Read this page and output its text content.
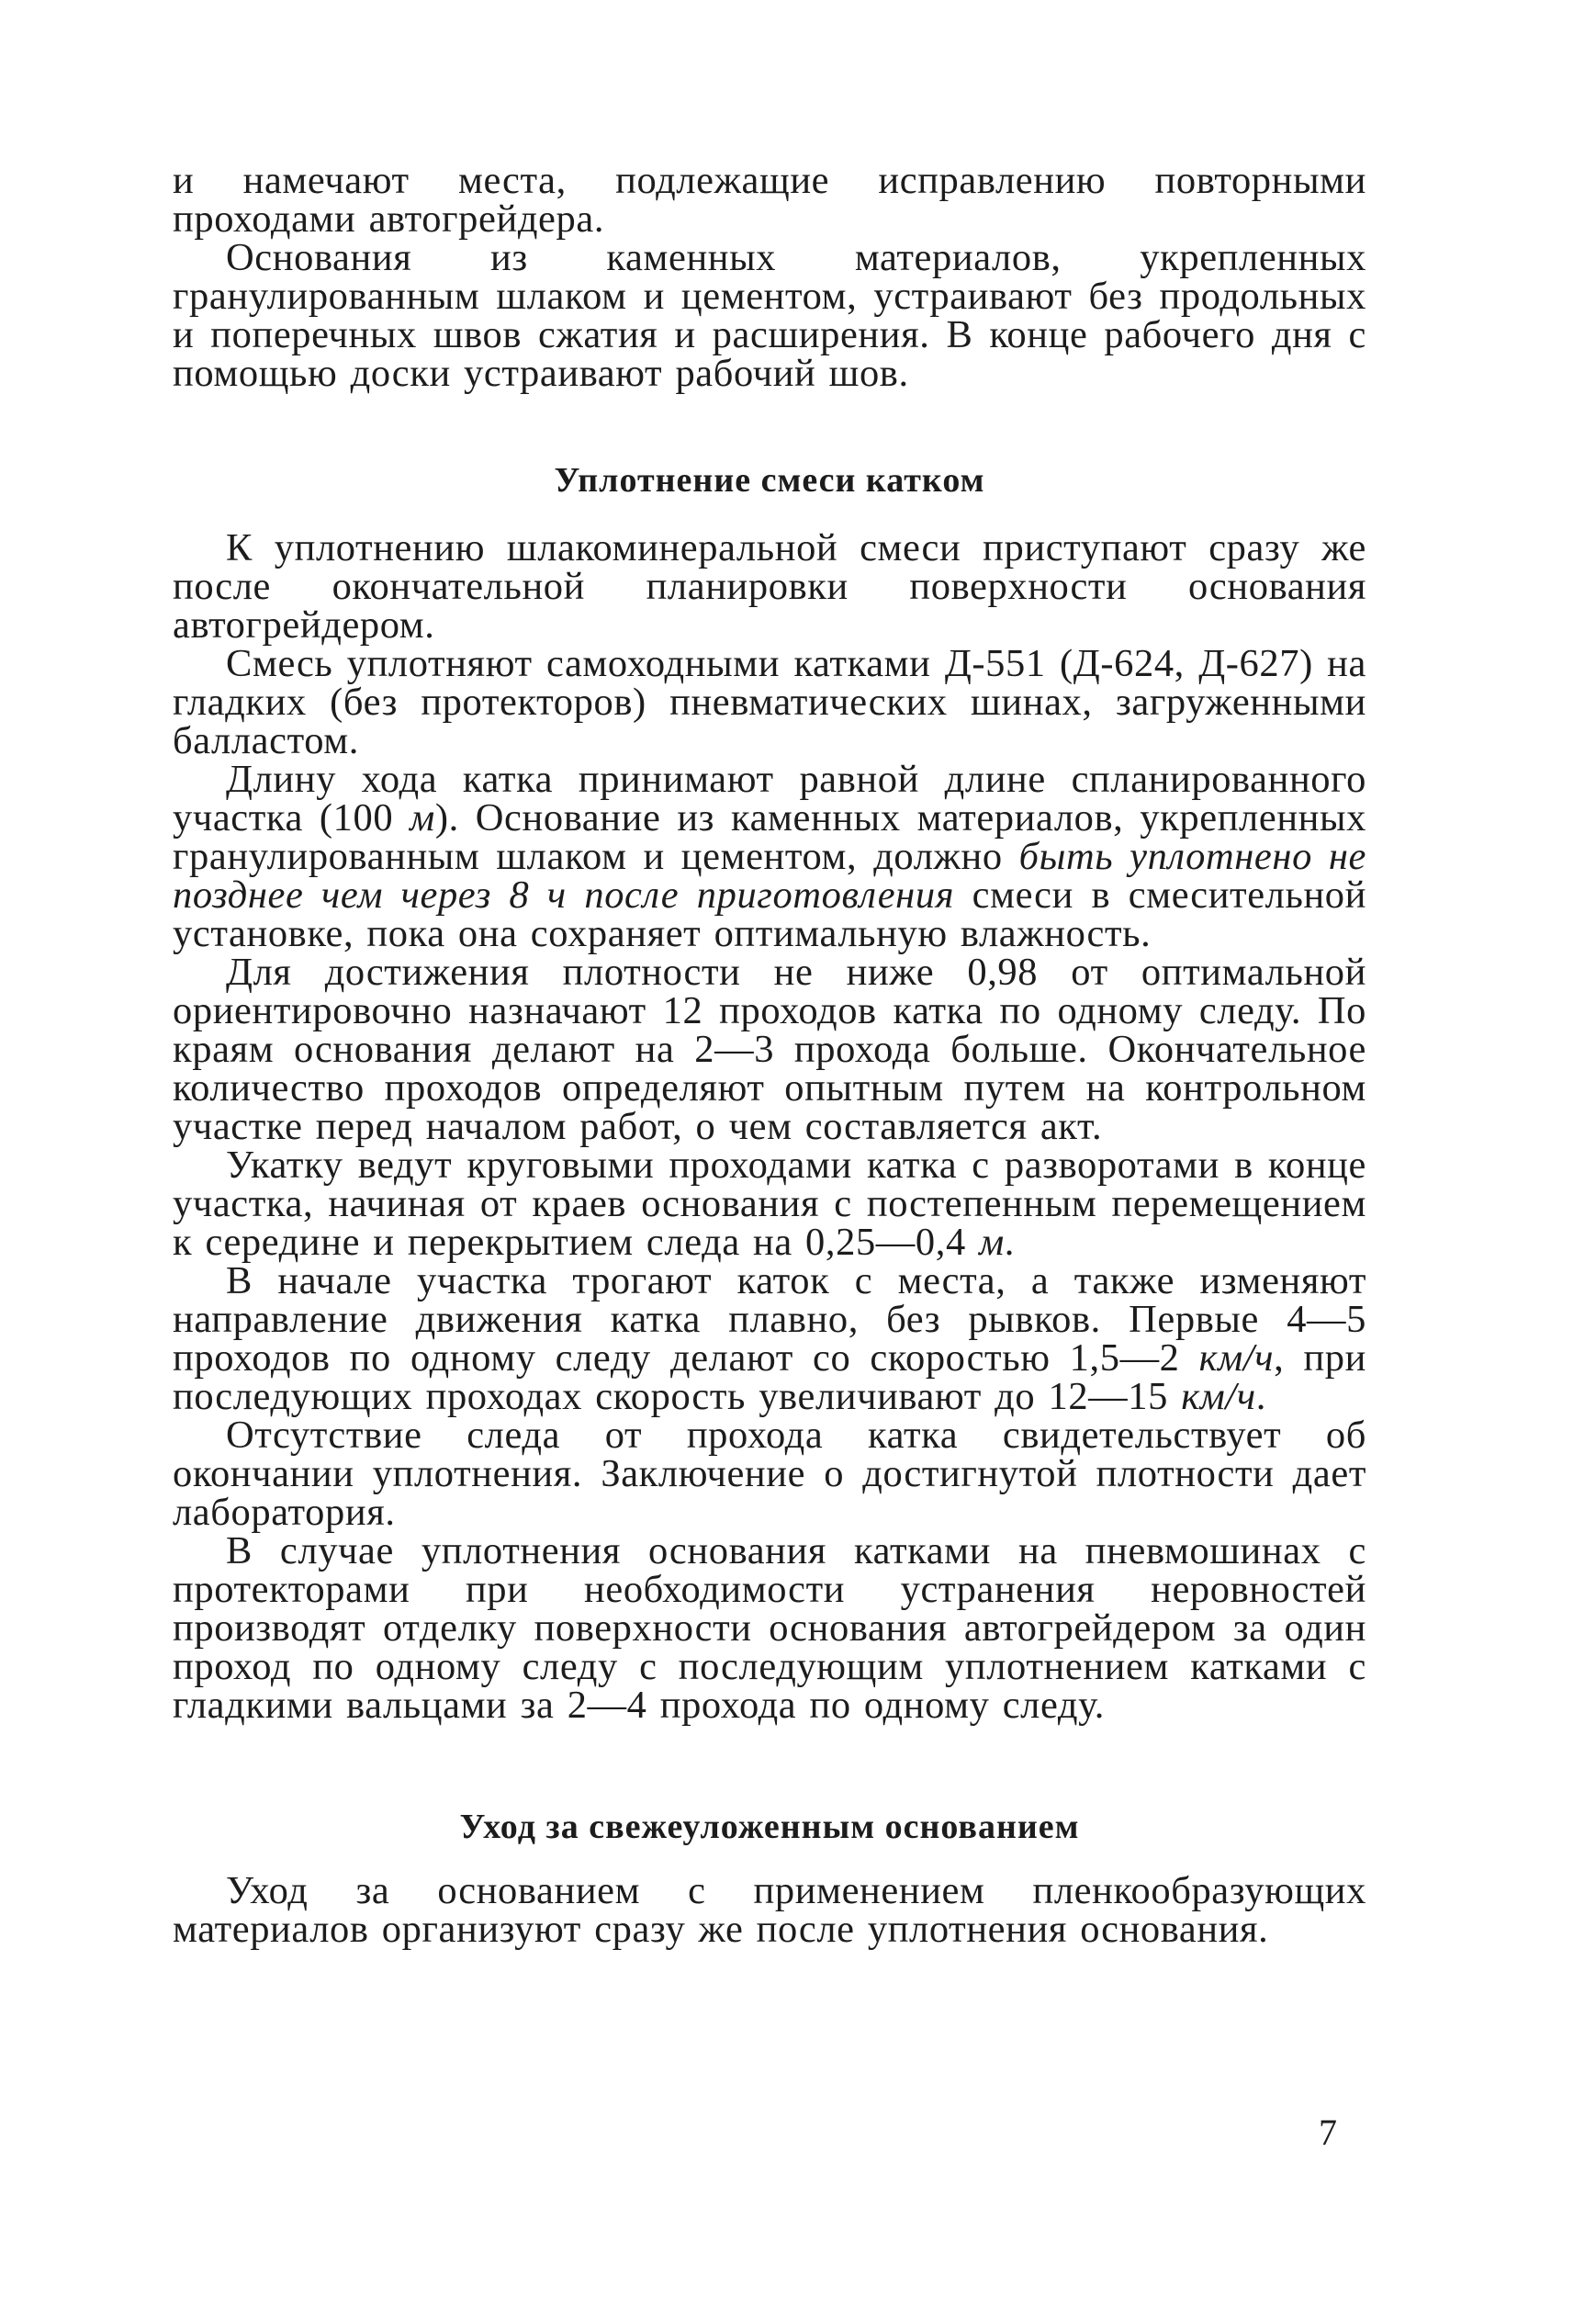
и намечают места, подлежащие исправлению повторными проходами автогрейдера.

Основания из каменных материалов, укрепленных гранулированным шлаком и цементом, устраивают без продольных и поперечных швов сжатия и расширения. В конце рабочего дня с помощью доски устраивают рабочий шов.

Уплотнение смеси катком

К уплотнению шлакоминеральной смеси приступают сразу же после окончательной планировки поверхности основания автогрейдером.

Смесь уплотняют самоходными катками Д-551 (Д-624, Д-627) на гладких (без протекторов) пневматических шинах, загруженными балластом.

Длину хода катка принимают равной длине спланированного участка (100 м). Основание из каменных материалов, укрепленных гранулированным шлаком и цементом, должно быть уплотнено не позднее чем через 8 ч после приготовления смеси в смесительной установке, пока она сохраняет оптимальную влажность.

Для достижения плотности не ниже 0,98 от оптимальной ориентировочно назначают 12 проходов катка по одному следу. По краям основания делают на 2—3 прохода больше. Окончательное количество проходов определяют опытным путем на контрольном участке перед началом работ, о чем составляется акт.

Укатку ведут круговыми проходами катка с разворотами в конце участка, начиная от краев основания с постепенным перемещением к середине и перекрытием следа на 0,25—0,4 м.

В начале участка трогают каток с места, а также изменяют направление движения катка плавно, без рывков. Первые 4—5 проходов по одному следу делают со скоростью 1,5—2 км/ч, при последующих проходах скорость увеличивают до 12—15 км/ч.

Отсутствие следа от прохода катка свидетельствует об окончании уплотнения. Заключение о достигнутой плотности дает лаборатория.

В случае уплотнения основания катками на пневмошинах с протекторами при необходимости устранения неровностей производят отделку поверхности основания автогрейдером за один проход по одному следу с последующим уплотнением катками с гладкими вальцами за 2—4 прохода по одному следу.

Уход за свежеуложенным основанием

Уход за основанием с применением пленкообразующих материалов организуют сразу же после уплотнения основания.

7
